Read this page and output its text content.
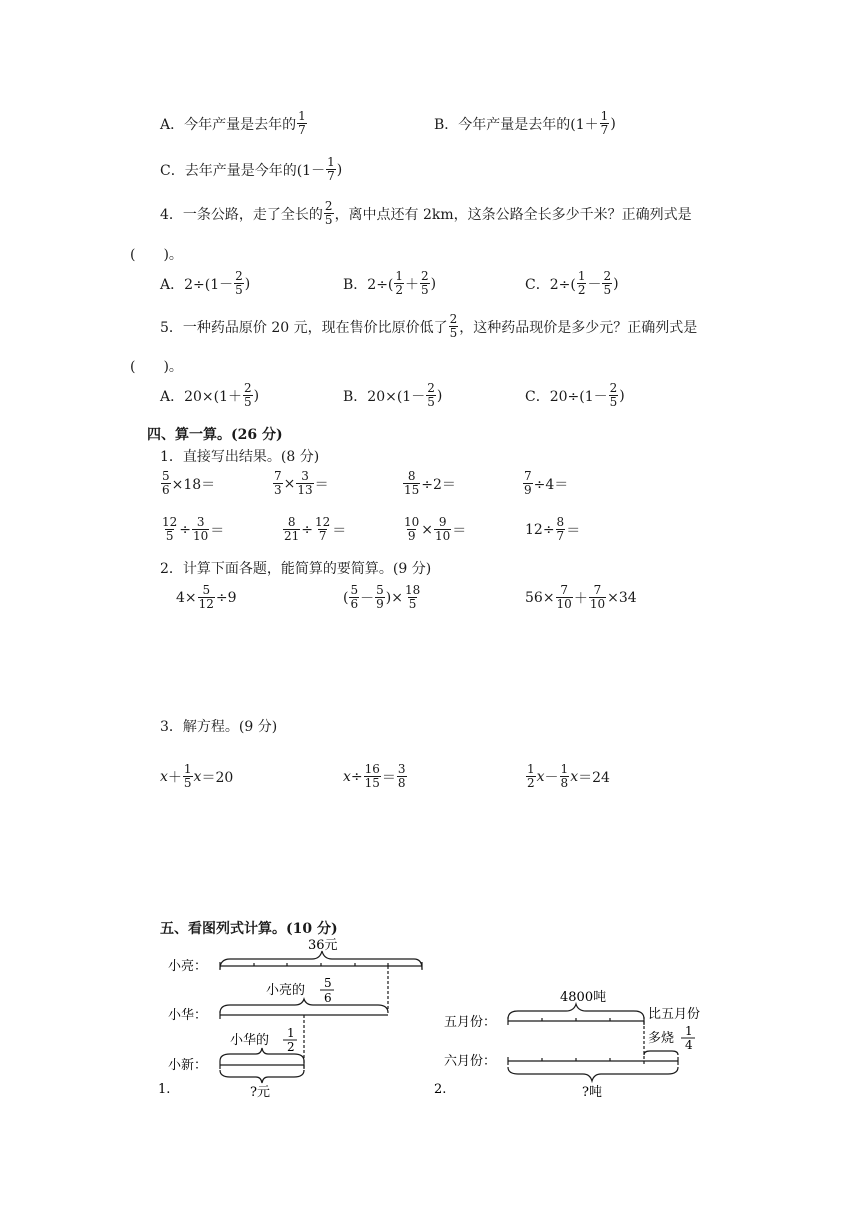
A．今年产量是去年的 $\frac{1}{7}$	B．今年产量是去年的($1+ \frac{1}{7}$ )
C．去年产量是今年的($1- \frac{1}{7}$ )
4．一条公路，走了全长的 $\frac{2}{5}$ ，离中点还有 2km，这条公路全长多少千米？正确列式是
(　　)。
A．$2\div(1- \frac{2}{5}$ )	B．$2\div( \frac{1}{2} + \frac{2}{5}$ )	C．$2\div( \frac{1}{2} - \frac{2}{5}$ )
5．一种药品原价 20 元，现在售价比原价低了 $\frac{2}{5}$ ，这种药品现价是多少元？正确列式是
(　　)。
A．$20\times(1+ \frac{2}{5}$ )	B．$20\times(1- \frac{2}{5}$ )	C．$20\div(1- \frac{2}{5}$ )
四、算一算。(26 分)
1．直接写出结果。(8 分)
$\frac{5}{6} \times 18=$	$\frac{7}{3} \times \frac{3}{13}$ ＝	$\frac{8}{15} \div 2=$	$\frac{7}{9} \div 4=$
$\frac{12}{5} \div \frac{3}{10}$ ＝	$\frac{8}{21} \div \frac{12}{7}$ ＝	$\frac{10}{9} \times \frac{9}{10}$ ＝	$12\div \frac{8}{7}$ ＝
2．计算下面各题，能简算的要简算。(9 分)
$4\times \frac{5}{12} \div 9$	( $\frac{5}{6} - \frac{5}{9}$ ) × $\frac{18}{5}$	$56\times \frac{7}{10} + \frac{7}{10} \times 34$
3．解方程。(9 分)
$x + \frac{1}{5}$ x ＝20	$x \div \frac{16}{15} = \frac{3}{8}$	$\frac{1}{2}$ $x - \frac{1}{8}$ x ＝24
五、看图列式计算。(10 分)
36元
小亮：
小华：
小新：
小亮的 5
6
小华的 1
2
?元
1.
4800吨
五月份：
六月份：
比五月份
多烧 1
4
?吨
2.
